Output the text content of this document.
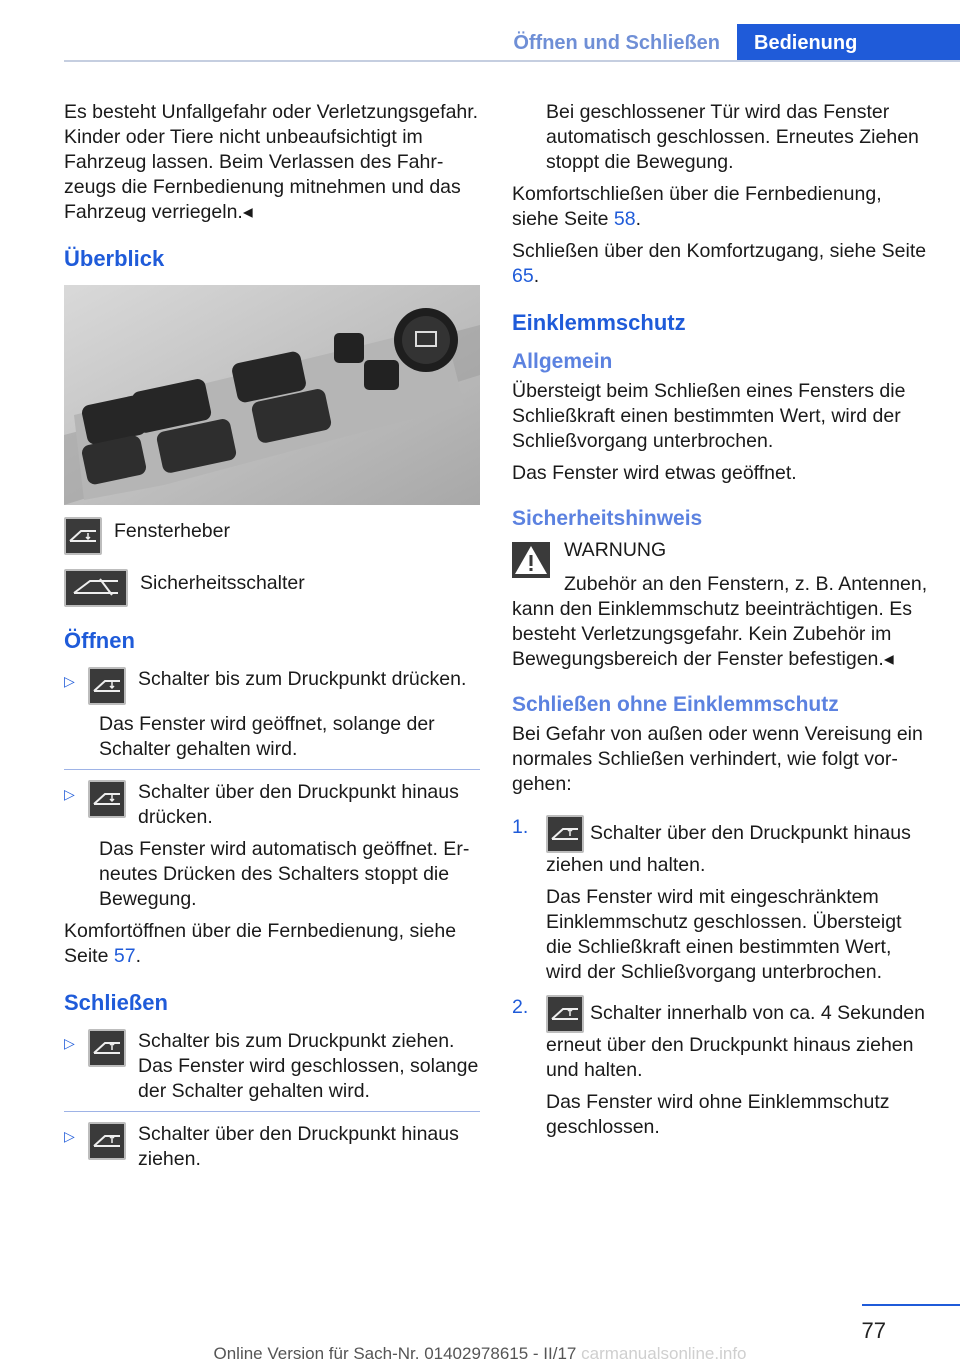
Öffnen und Schließen	Bedienung

Es besteht Unfallgefahr oder Verletzungsgefahr. Kinder oder Tiere nicht unbeaufsichtigt im Fahrzeug lassen. Beim Verlassen des Fahrzeugs die Fernbedienung mitnehmen und das Fahrzeug verriegeln.◂

Überblick
Fensterheber
Sicherheitsschalter
Öffnen
▷	Schalter bis zum Druckpunkt drücken.

Das Fenster wird geöffnet, solange der Schalter gehalten wird.

▷	Schalter über den Druckpunkt hinaus drücken.

Das Fenster wird automatisch geöffnet. Erneutes Drücken des Schalters stoppt die Bewegung.

Komfortöffnen über die Fernbedienung, siehe Seite 57.

Schließen
▷	Schalter bis zum Druckpunkt ziehen.
Das Fenster wird geschlossen, solange der Schalter gehalten wird.
▷	Schalter über den Druckpunkt hinaus ziehen.

Bei geschlossener Tür wird das Fenster automatisch geschlossen. Erneutes Ziehen stoppt die Bewegung.

Komfortschließen über die Fernbedienung, siehe Seite 58.

Schließen über den Komfortzugang, siehe Seite 65.

Einklemmschutz
Allgemein

Übersteigt beim Schließen eines Fensters die Schließkraft einen bestimmten Wert, wird der Schließvorgang unterbrochen.

Das Fenster wird etwas geöffnet.

Sicherheitshinweis
WARNUNG

Zubehör an den Fenstern, z. B. Antennen, kann den Einklemmschutz beeinträchtigen. Es besteht Verletzungsgefahr. Kein Zubehör im Bewegungsbereich der Fenster befestigen.◂

Schließen ohne Einklemmschutz

Bei Gefahr von außen oder wenn Vereisung ein normales Schließen verhindert, wie folgt vorgehen:

1.	Schalter über den Druckpunkt hinaus ziehen und halten.

Das Fenster wird mit eingeschränktem Einklemmschutz geschlossen. Übersteigt die Schließkraft einen bestimmten Wert, wird der Schließvorgang unterbrochen.

2.	Schalter innerhalb von ca. 4 Sekunden erneut über den Druckpunkt hinaus ziehen und halten.

Das Fenster wird ohne Einklemmschutz geschlossen.

77
Online Version für Sach-Nr. 01402978615 - II/17 carmanualsonline.info
